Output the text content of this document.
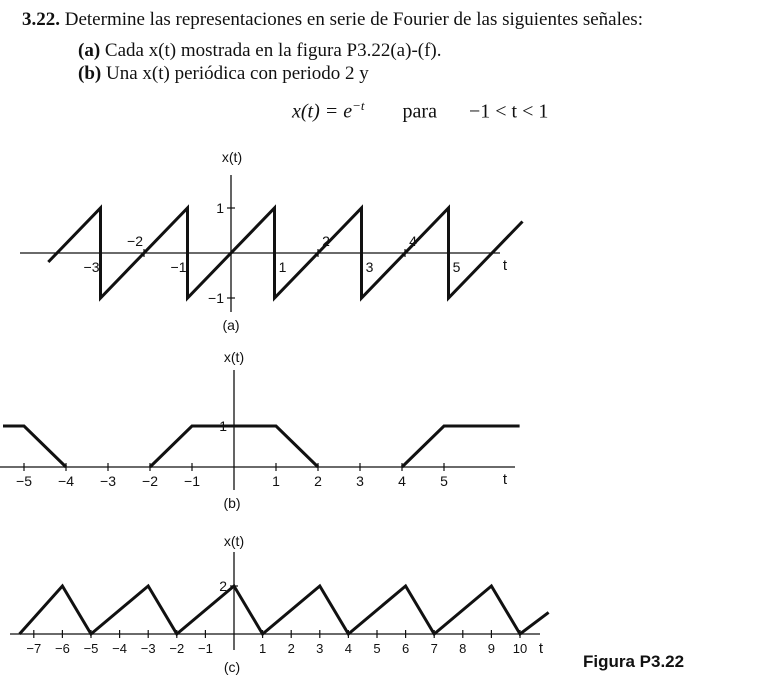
3.22. Determine las representaciones en serie de Fourier de las siguientes señales:
(a) Cada x(t) mostrada en la figura P3.22(a)-(f).
(b) Una x(t) periódica con periodo 2 y
$x(t) = e^{-t}$ para −1 < t < 1
1
−1
−3
−2
−1	1
2
3
4
5
x(t)
t
(a)
1
−5 −4 −3 −2 −1	1 2 3 4 5
x(t)
t
(b)
2
−7 −6 −5 −4 −3 −2 −1	1 2 3 4 5 6 7 8 9 10
x(t)
t
(c)	Figura P3.22
